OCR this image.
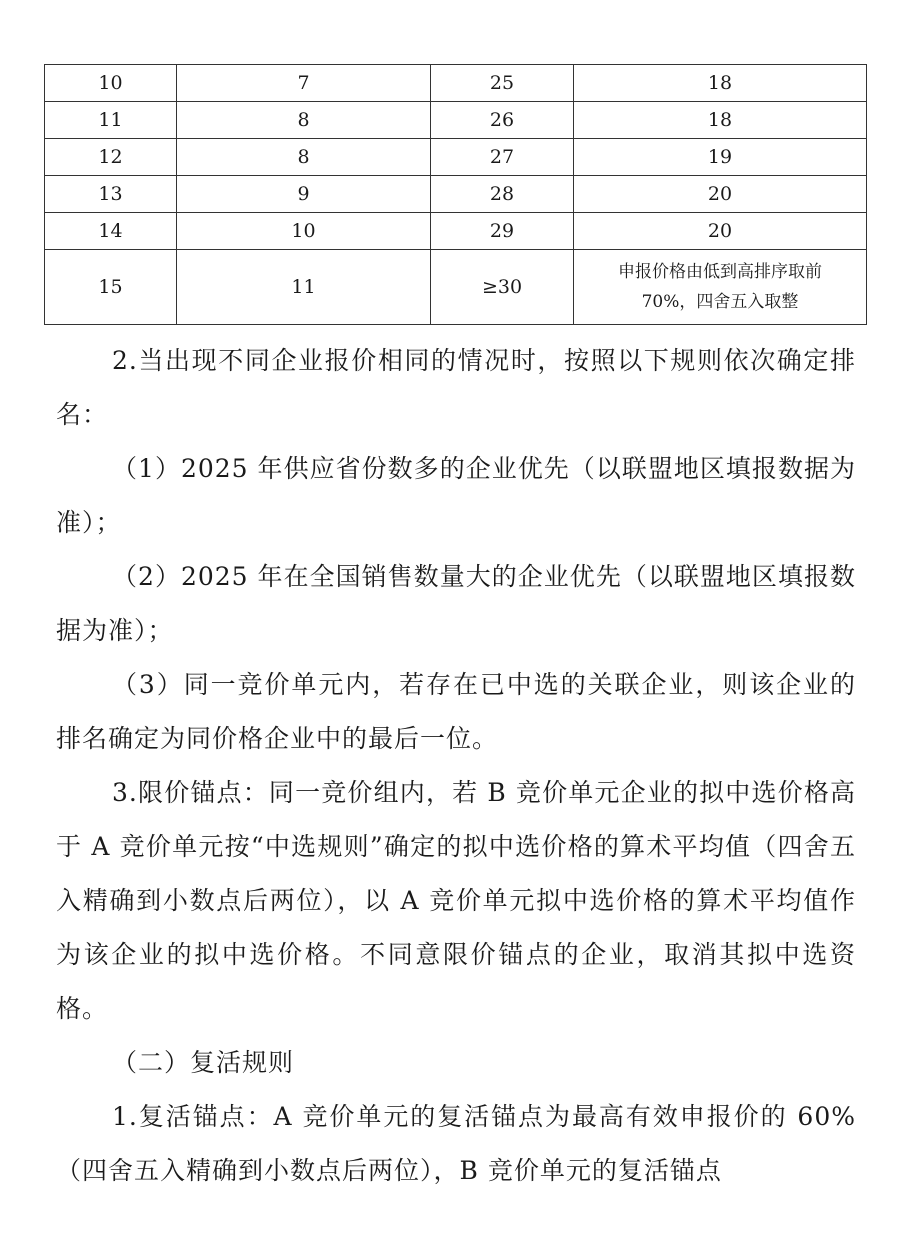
10	7	25	18
11	8	26	18
12	8	27	19
13	9	28	20
14	10	29	20
15	11	≥30	申报价格由低到高排序取前
70%，四舍五入取整

2.当出现不同企业报价相同的情况时，按照以下规则依次确定排名：

（1）2025 年供应省份数多的企业优先（以联盟地区填报数据为准）；

（2）2025 年在全国销售数量大的企业优先（以联盟地区填报数据为准）；

（3）同一竞价单元内，若存在已中选的关联企业，则该企业的排名确定为同价格企业中的最后一位。

3.限价锚点：同一竞价组内，若 B 竞价单元企业的拟中选价格高于 A 竞价单元按“中选规则”确定的拟中选价格的算术平均值（四舍五入精确到小数点后两位），以 A 竞价单元拟中选价格的算术平均值作为该企业的拟中选价格。不同意限价锚点的企业，取消其拟中选资格。

（二）复活规则

1.复活锚点：A 竞价单元的复活锚点为最高有效申报价的 60%（四舍五入精确到小数点后两位），B 竞价单元的复活锚点
